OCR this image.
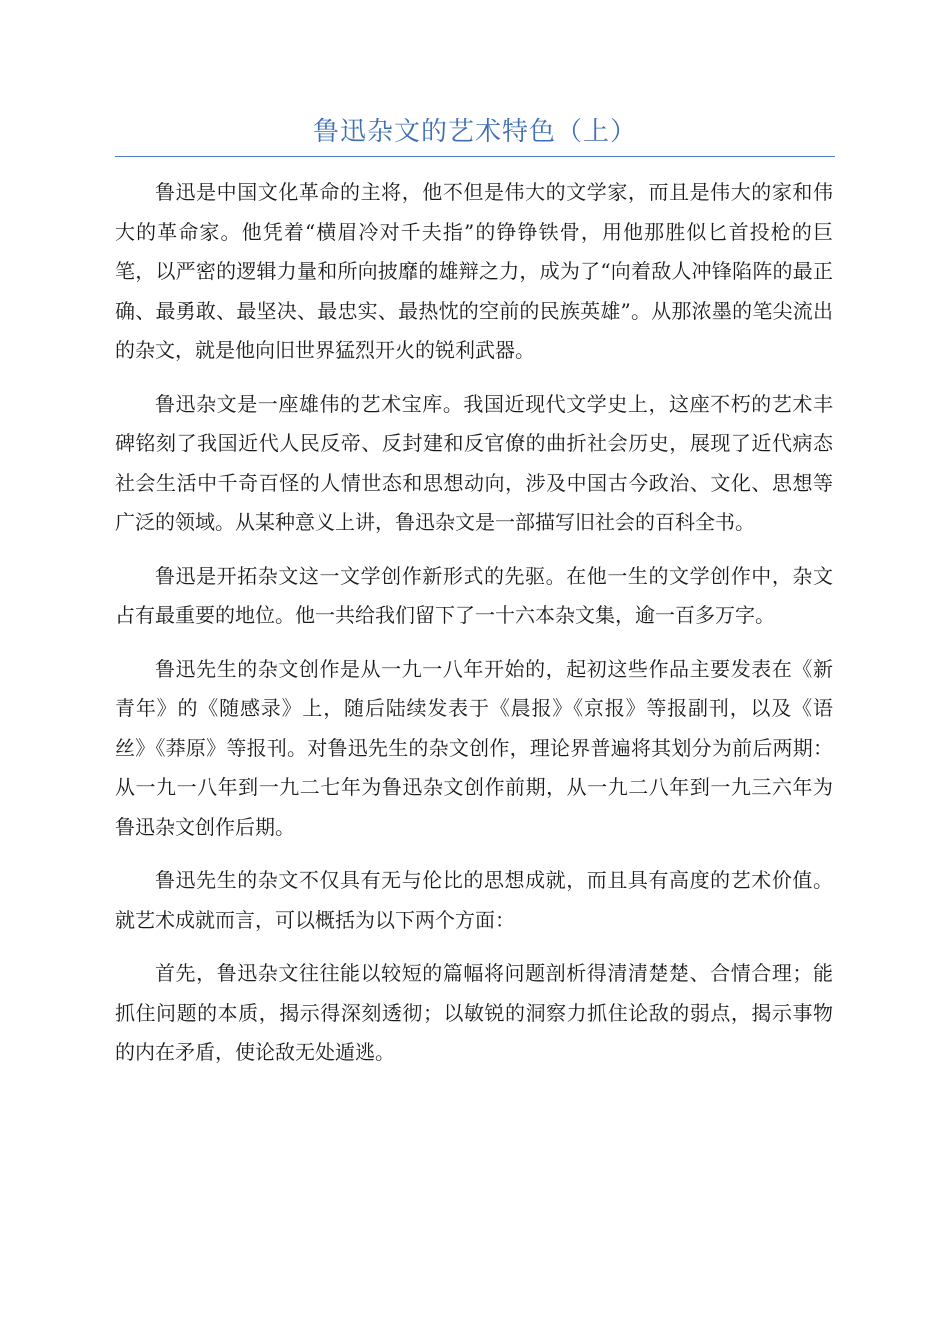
鲁迅杂文的艺术特色（上）

鲁迅是中国文化革命的主将，他不但是伟大的文学家，而且是伟大的家和伟大的革命家。他凭着“横眉冷对千夫指”的铮铮铁骨，用他那胜似匕首投枪的巨笔，以严密的逻辑力量和所向披靡的雄辩之力，成为了“向着敌人冲锋陷阵的最正确、最勇敢、最坚决、最忠实、最热忱的空前的民族英雄”。从那浓墨的笔尖流出的杂文，就是他向旧世界猛烈开火的锐利武器。

鲁迅杂文是一座雄伟的艺术宝库。我国近现代文学史上，这座不朽的艺术丰碑铭刻了我国近代人民反帝、反封建和反官僚的曲折社会历史，展现了近代病态社会生活中千奇百怪的人情世态和思想动向，涉及中国古今政治、文化、思想等广泛的领域。从某种意义上讲，鲁迅杂文是一部描写旧社会的百科全书。

鲁迅是开拓杂文这一文学创作新形式的先驱。在他一生的文学创作中，杂文占有最重要的地位。他一共给我们留下了一十六本杂文集，逾一百多万字。

鲁迅先生的杂文创作是从一九一八年开始的，起初这些作品主要发表在《新青年》的《随感录》上，随后陆续发表于《晨报》《京报》等报副刊，以及《语丝》《莽原》等报刊。对鲁迅先生的杂文创作，理论界普遍将其划分为前后两期：从一九一八年到一九二七年为鲁迅杂文创作前期，从一九二八年到一九三六年为鲁迅杂文创作后期。

鲁迅先生的杂文不仅具有无与伦比的思想成就，而且具有高度的艺术价值。就艺术成就而言，可以概括为以下两个方面：

首先，鲁迅杂文往往能以较短的篇幅将问题剖析得清清楚楚、合情合理；能抓住问题的本质，揭示得深刻透彻；以敏锐的洞察力抓住论敌的弱点，揭示事物的内在矛盾，使论敌无处遁逃。
